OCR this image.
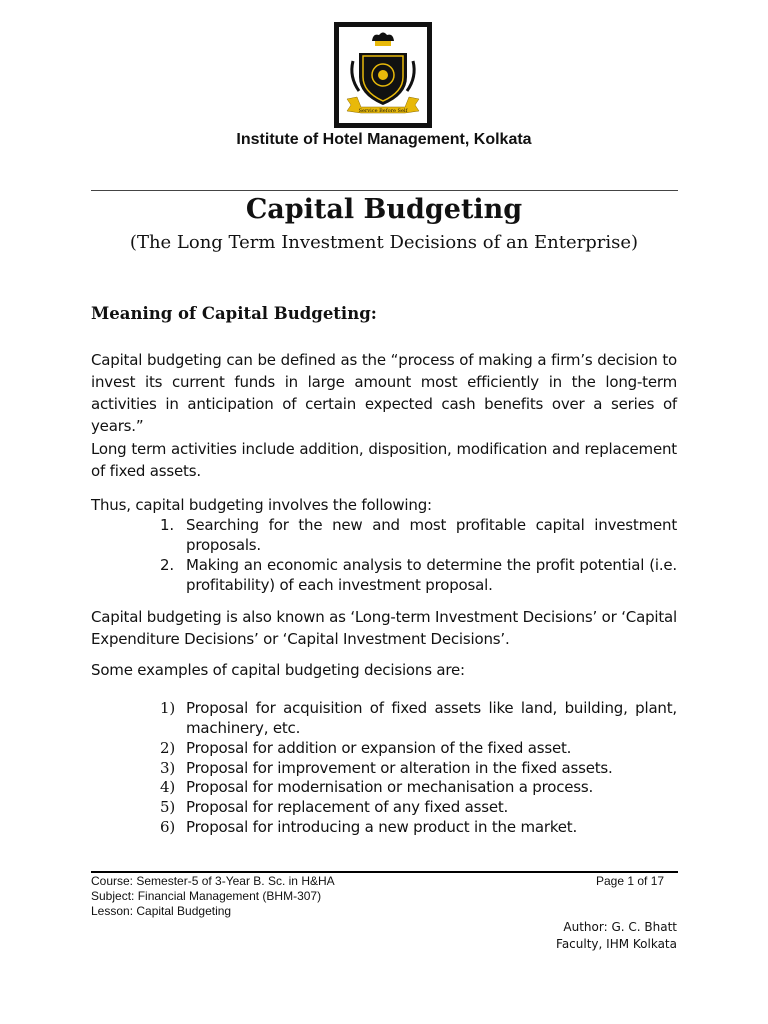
Service Before Self
Institute of Hotel Management, Kolkata
Capital Budgeting
(The Long Term Investment Decisions of an Enterprise)
Meaning of Capital Budgeting:
Capital budgeting can be defined as the “process of making a firm’s decision to invest its current funds in large amount most efficiently in the long-term activities in anticipation of certain expected cash benefits over a series of years.”
Long term activities include addition, disposition, modification and replacement of fixed assets.
Thus, capital budgeting involves the following:
1. Searching for the new and most profitable capital investment proposals.
2. Making an economic analysis to determine the profit potential (i.e. profitability) of each investment proposal.
Capital budgeting is also known as ‘Long-term Investment Decisions’ or ‘Capital Expenditure Decisions’ or ‘Capital Investment Decisions’.
Some examples of capital budgeting decisions are:
1) Proposal for acquisition of fixed assets like land, building, plant, machinery, etc.
2) Proposal for addition or expansion of the fixed asset.
3) Proposal for improvement or alteration in the fixed assets.
4) Proposal for modernisation or mechanisation a process.
5) Proposal for replacement of any fixed asset.
6) Proposal for introducing a new product in the market.
Course: Semester-5 of 3-Year B. Sc. in H&HA	Page 1 of 17
Subject: Financial Management (BHM-307)
Lesson: Capital Budgeting
Author: G. C. Bhatt
Faculty, IHM Kolkata
